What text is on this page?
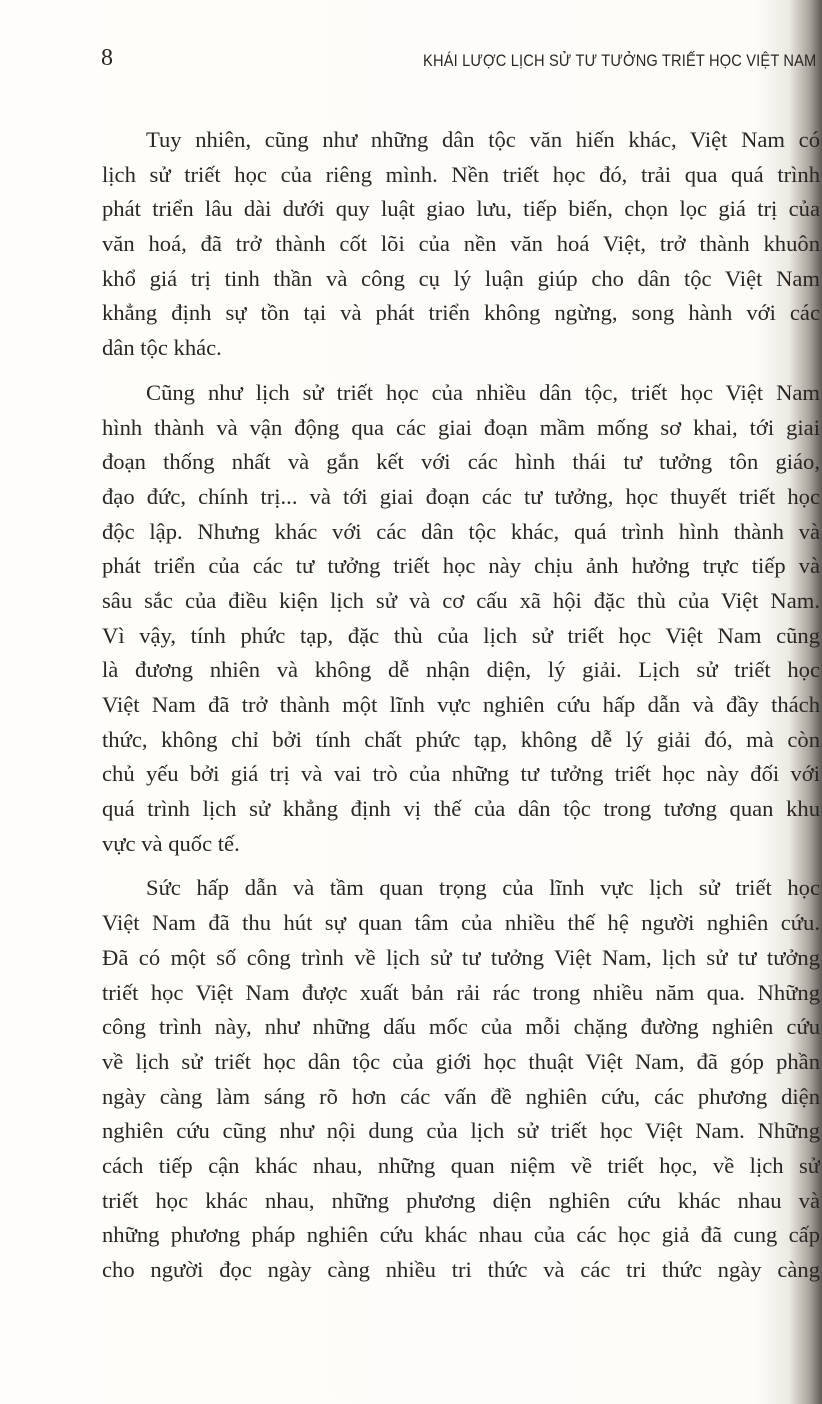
8	KHÁI LƯỢC LỊCH SỬ TƯ TƯỞNG TRIẾT HỌC VIỆT NAM
Tuy nhiên, cũng như những dân tộc văn hiến khác, Việt Nam có
lịch sử triết học của riêng mình. Nền triết học đó, trải qua quá trình
phát triển lâu dài dưới quy luật giao lưu, tiếp biến, chọn lọc giá trị của
văn hoá, đã trở thành cốt lõi của nền văn hoá Việt, trở thành khuôn
khổ giá trị tinh thần và công cụ lý luận giúp cho dân tộc Việt Nam
khẳng định sự tồn tại và phát triển không ngừng, song hành với các
dân tộc khác.
Cũng như lịch sử triết học của nhiều dân tộc, triết học Việt Nam
hình thành và vận động qua các giai đoạn mầm mống sơ khai, tới giai
đoạn thống nhất và gắn kết với các hình thái tư tưởng tôn giáo,
đạo đức, chính trị... và tới giai đoạn các tư tưởng, học thuyết triết học
độc lập. Nhưng khác với các dân tộc khác, quá trình hình thành và
phát triển của các tư tưởng triết học này chịu ảnh hưởng trực tiếp và
sâu sắc của điều kiện lịch sử và cơ cấu xã hội đặc thù của Việt Nam.
Vì vậy, tính phức tạp, đặc thù của lịch sử triết học Việt Nam cũng
là đương nhiên và không dễ nhận diện, lý giải. Lịch sử triết học
Việt Nam đã trở thành một lĩnh vực nghiên cứu hấp dẫn và đầy thách
thức, không chỉ bởi tính chất phức tạp, không dễ lý giải đó, mà còn
chủ yếu bởi giá trị và vai trò của những tư tưởng triết học này đối với
quá trình lịch sử khẳng định vị thế của dân tộc trong tương quan khu
vực và quốc tế.
Sức hấp dẫn và tầm quan trọng của lĩnh vực lịch sử triết học
Việt Nam đã thu hút sự quan tâm của nhiều thế hệ người nghiên cứu.
Đã có một số công trình về lịch sử tư tưởng Việt Nam, lịch sử tư tưởng
triết học Việt Nam được xuất bản rải rác trong nhiều năm qua. Những
công trình này, như những dấu mốc của mỗi chặng đường nghiên cứu
về lịch sử triết học dân tộc của giới học thuật Việt Nam, đã góp phần
ngày càng làm sáng rõ hơn các vấn đề nghiên cứu, các phương diện
nghiên cứu cũng như nội dung của lịch sử triết học Việt Nam. Những
cách tiếp cận khác nhau, những quan niệm về triết học, về lịch sử
triết học khác nhau, những phương diện nghiên cứu khác nhau và
những phương pháp nghiên cứu khác nhau của các học giả đã cung cấp
cho người đọc ngày càng nhiều tri thức và các tri thức ngày càng
